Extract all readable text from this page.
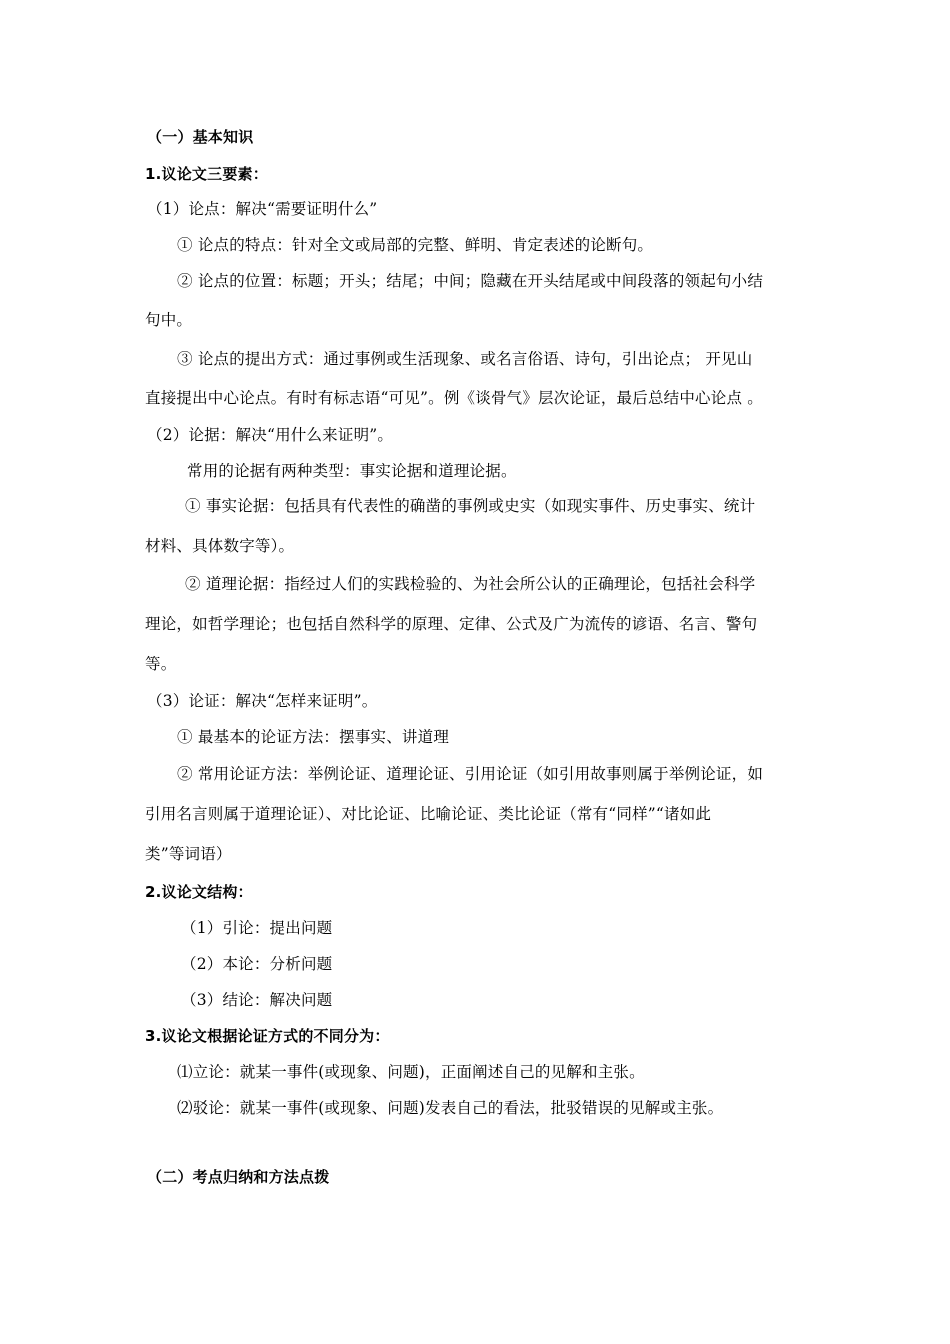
（一）基本知识
1.议论文三要素：
（1）论点：解决“需要证明什么”
① 论点的特点：针对全文或局部的完整、鲜明、肯定表述的论断句。
② 论点的位置：标题；开头；结尾；中间；隐藏在开头结尾或中间段落的领起句小结
句中。
③ 论点的提出方式：通过事例或生活现象、或名言俗语、诗句，引出论点； 开见山
直接提出中心论点。有时有标志语“可见”。例《谈骨气》层次论证，最后总结中心论点 。
（2）论据：解决“用什么来证明”。
常用的论据有两种类型：事实论据和道理论据。
① 事实论据：包括具有代表性的确凿的事例或史实（如现实事件、历史事实、统计
材料、具体数字等）。
② 道理论据：指经过人们的实践检验的、为社会所公认的正确理论，包括社会科学
理论，如哲学理论；也包括自然科学的原理、定律、公式及广为流传的谚语、名言、警句
等。
（3）论证：解决“怎样来证明”。
① 最基本的论证方法：摆事实、讲道理
② 常用论证方法：举例论证、道理论证、引用论证（如引用故事则属于举例论证，如
引用名言则属于道理论证）、对比论证、比喻论证、类比论证（常有“同样”“诸如此
类”等词语）
2.议论文结构：
（1）引论：提出问题
（2）本论：分析问题
（3）结论：解决问题
3.议论文根据论证方式的不同分为：
⑴立论：就某一事件(或现象、问题)，正面阐述自己的见解和主张。
⑵驳论：就某一事件(或现象、问题)发表自己的看法，批驳错误的见解或主张。
（二）考点归纳和方法点拨
